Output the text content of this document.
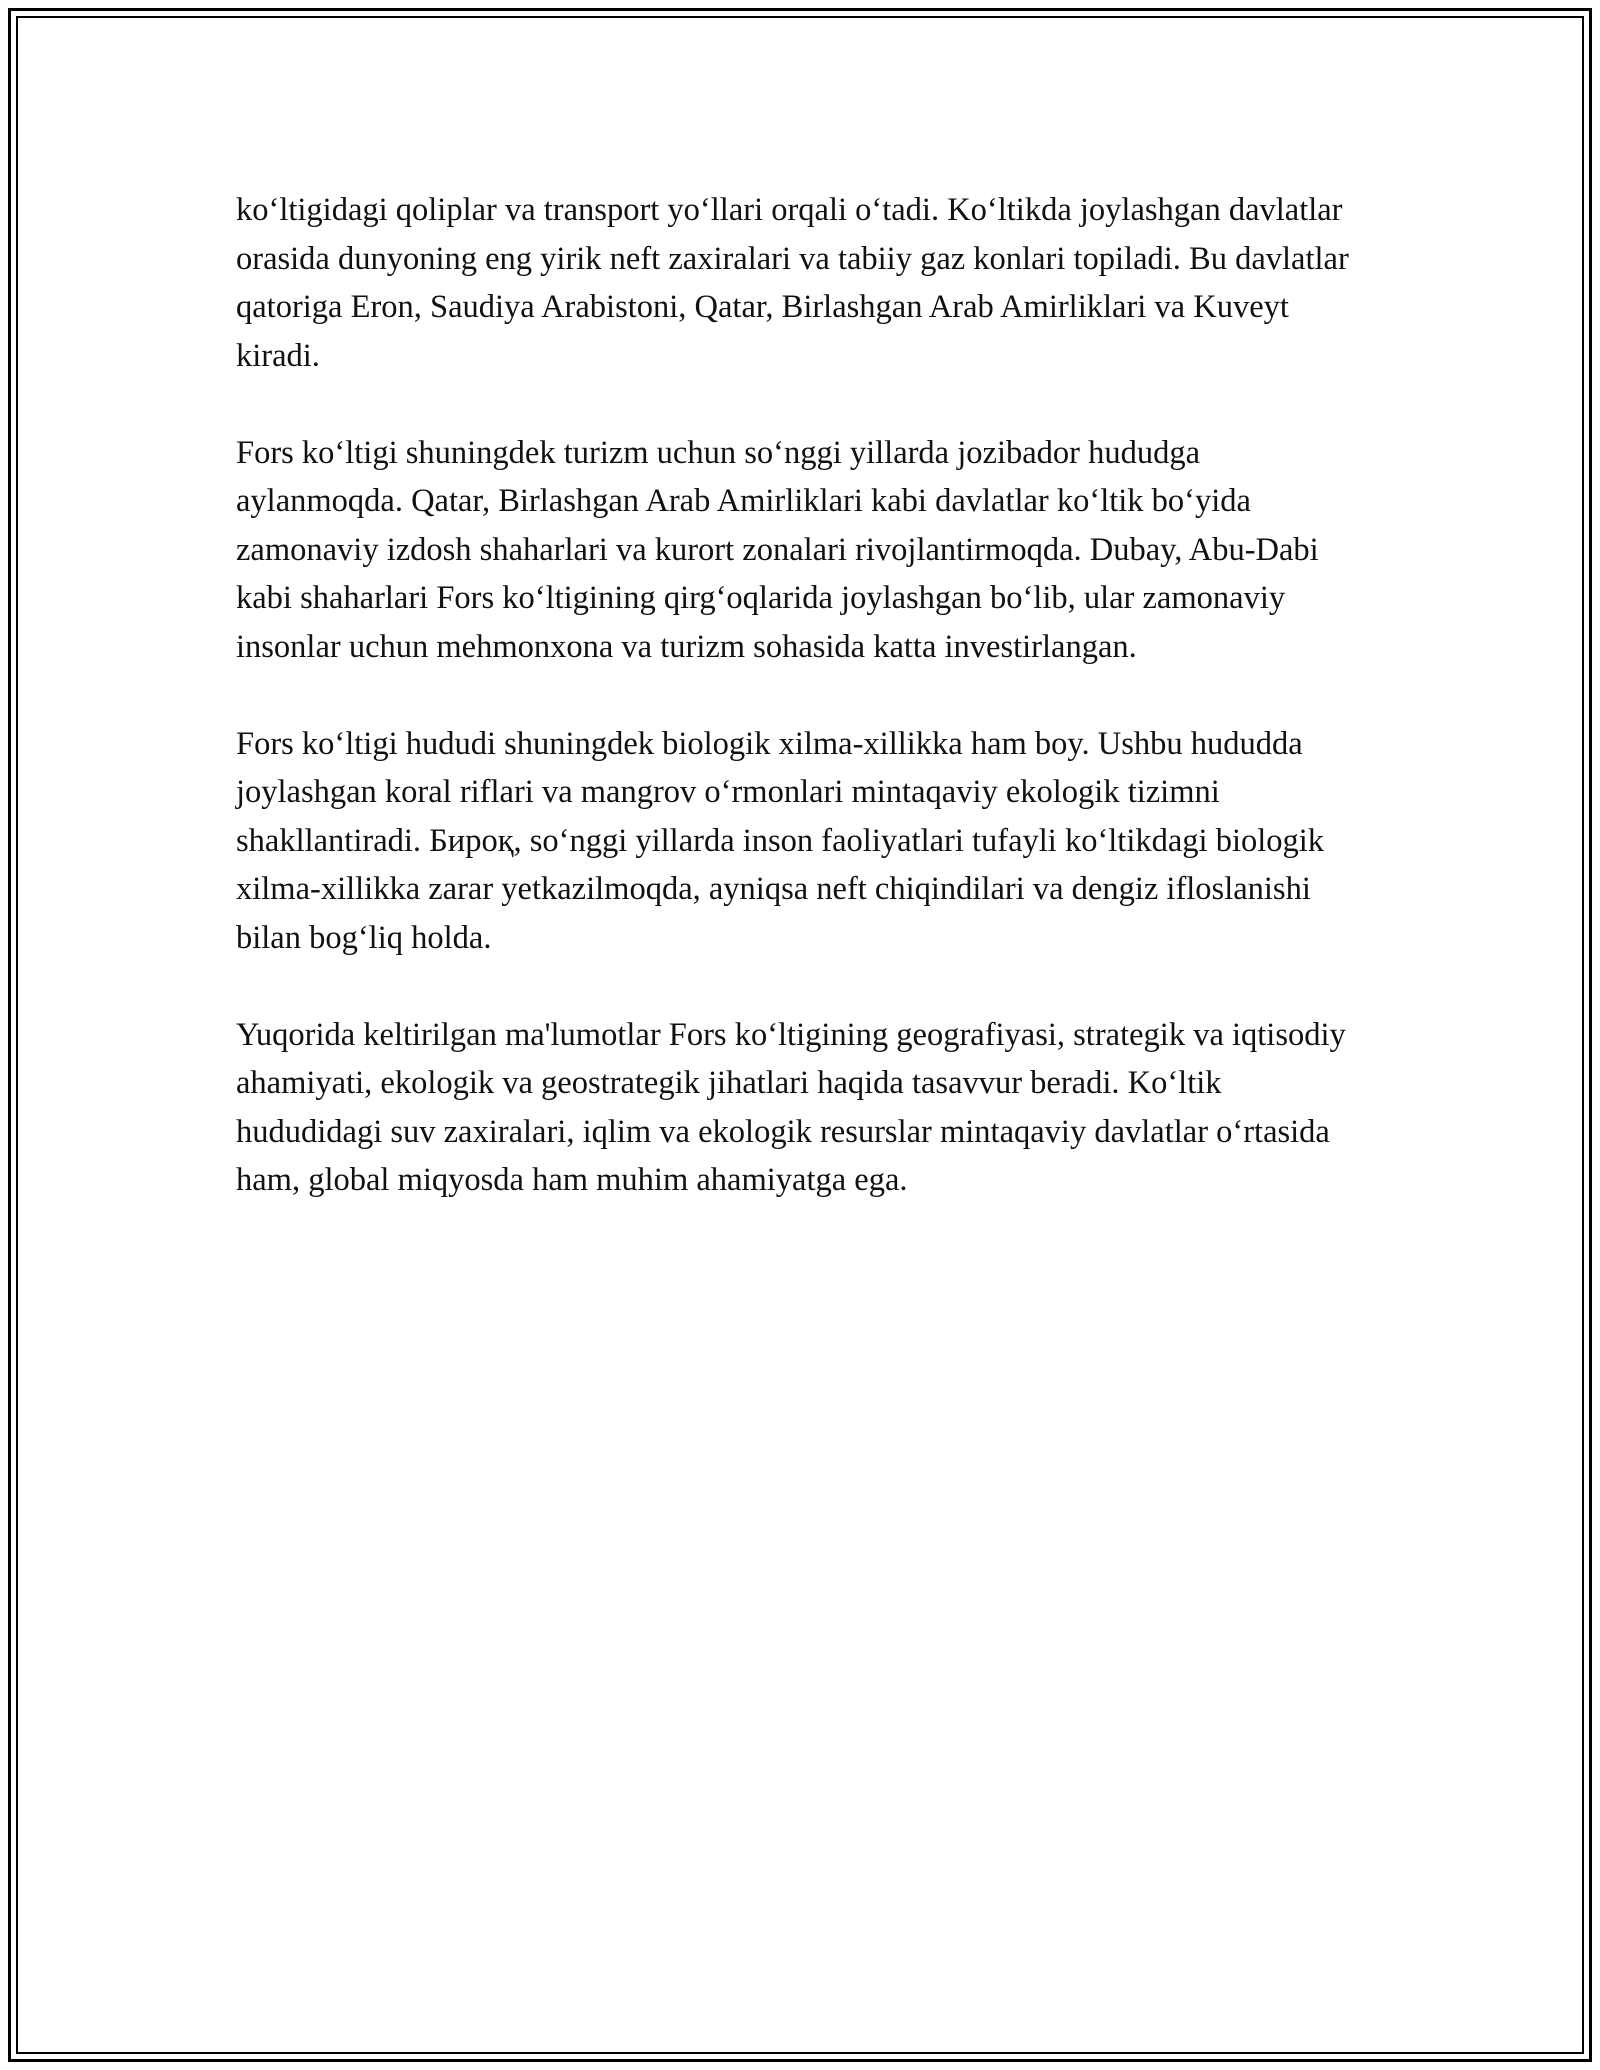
ko‘ltigidagi qoliplar va transport yo‘llari orqali o‘tadi. Ko‘ltikda joylashgan davlatlar orasida dunyoning eng yirik neft zaxiralari va tabiiy gaz konlari topiladi. Bu davlatlar qatoriga Eron, Saudiya Arabistoni, Qatar, Birlashgan Arab Amirliklari va Kuveyt kiradi.

Fors ko‘ltigi shuningdek turizm uchun so‘nggi yillarda jozibador hududga aylanmoqda. Qatar, Birlashgan Arab Amirliklari kabi davlatlar ko‘ltik bo‘yida zamonaviy izdosh shaharlari va kurort zonalari rivojlantirmoqda. Dubay, Abu-Dabi kabi shaharlari Fors ko‘ltigining qirg‘oqlarida joylashgan bo‘lib, ular zamonaviy insonlar uchun mehmonxona va turizm sohasida katta investirlangan.

Fors ko‘ltigi hududi shuningdek biologik xilma-xillikka ham boy. Ushbu hududda joylashgan koral riflari va mangrov o‘rmonlari mintaqaviy ekologik tizimni shakllantiradi. Бироқ, so‘nggi yillarda inson faoliyatlari tufayli ko‘ltikdagi biologik xilma-xillikka zarar yetkazilmoqda, ayniqsa neft chiqindilari va dengiz ifloslanishi bilan bog‘liq holda.

Yuqorida keltirilgan ma'lumotlar Fors ko‘ltigining geografiyasi, strategik va iqtisodiy ahamiyati, ekologik va geostrategik jihatlari haqida tasavvur beradi. Ko‘ltik hududidagi suv zaxiralari, iqlim va ekologik resurslar mintaqaviy davlatlar o‘rtasida ham, global miqyosda ham muhim ahamiyatga ega.
